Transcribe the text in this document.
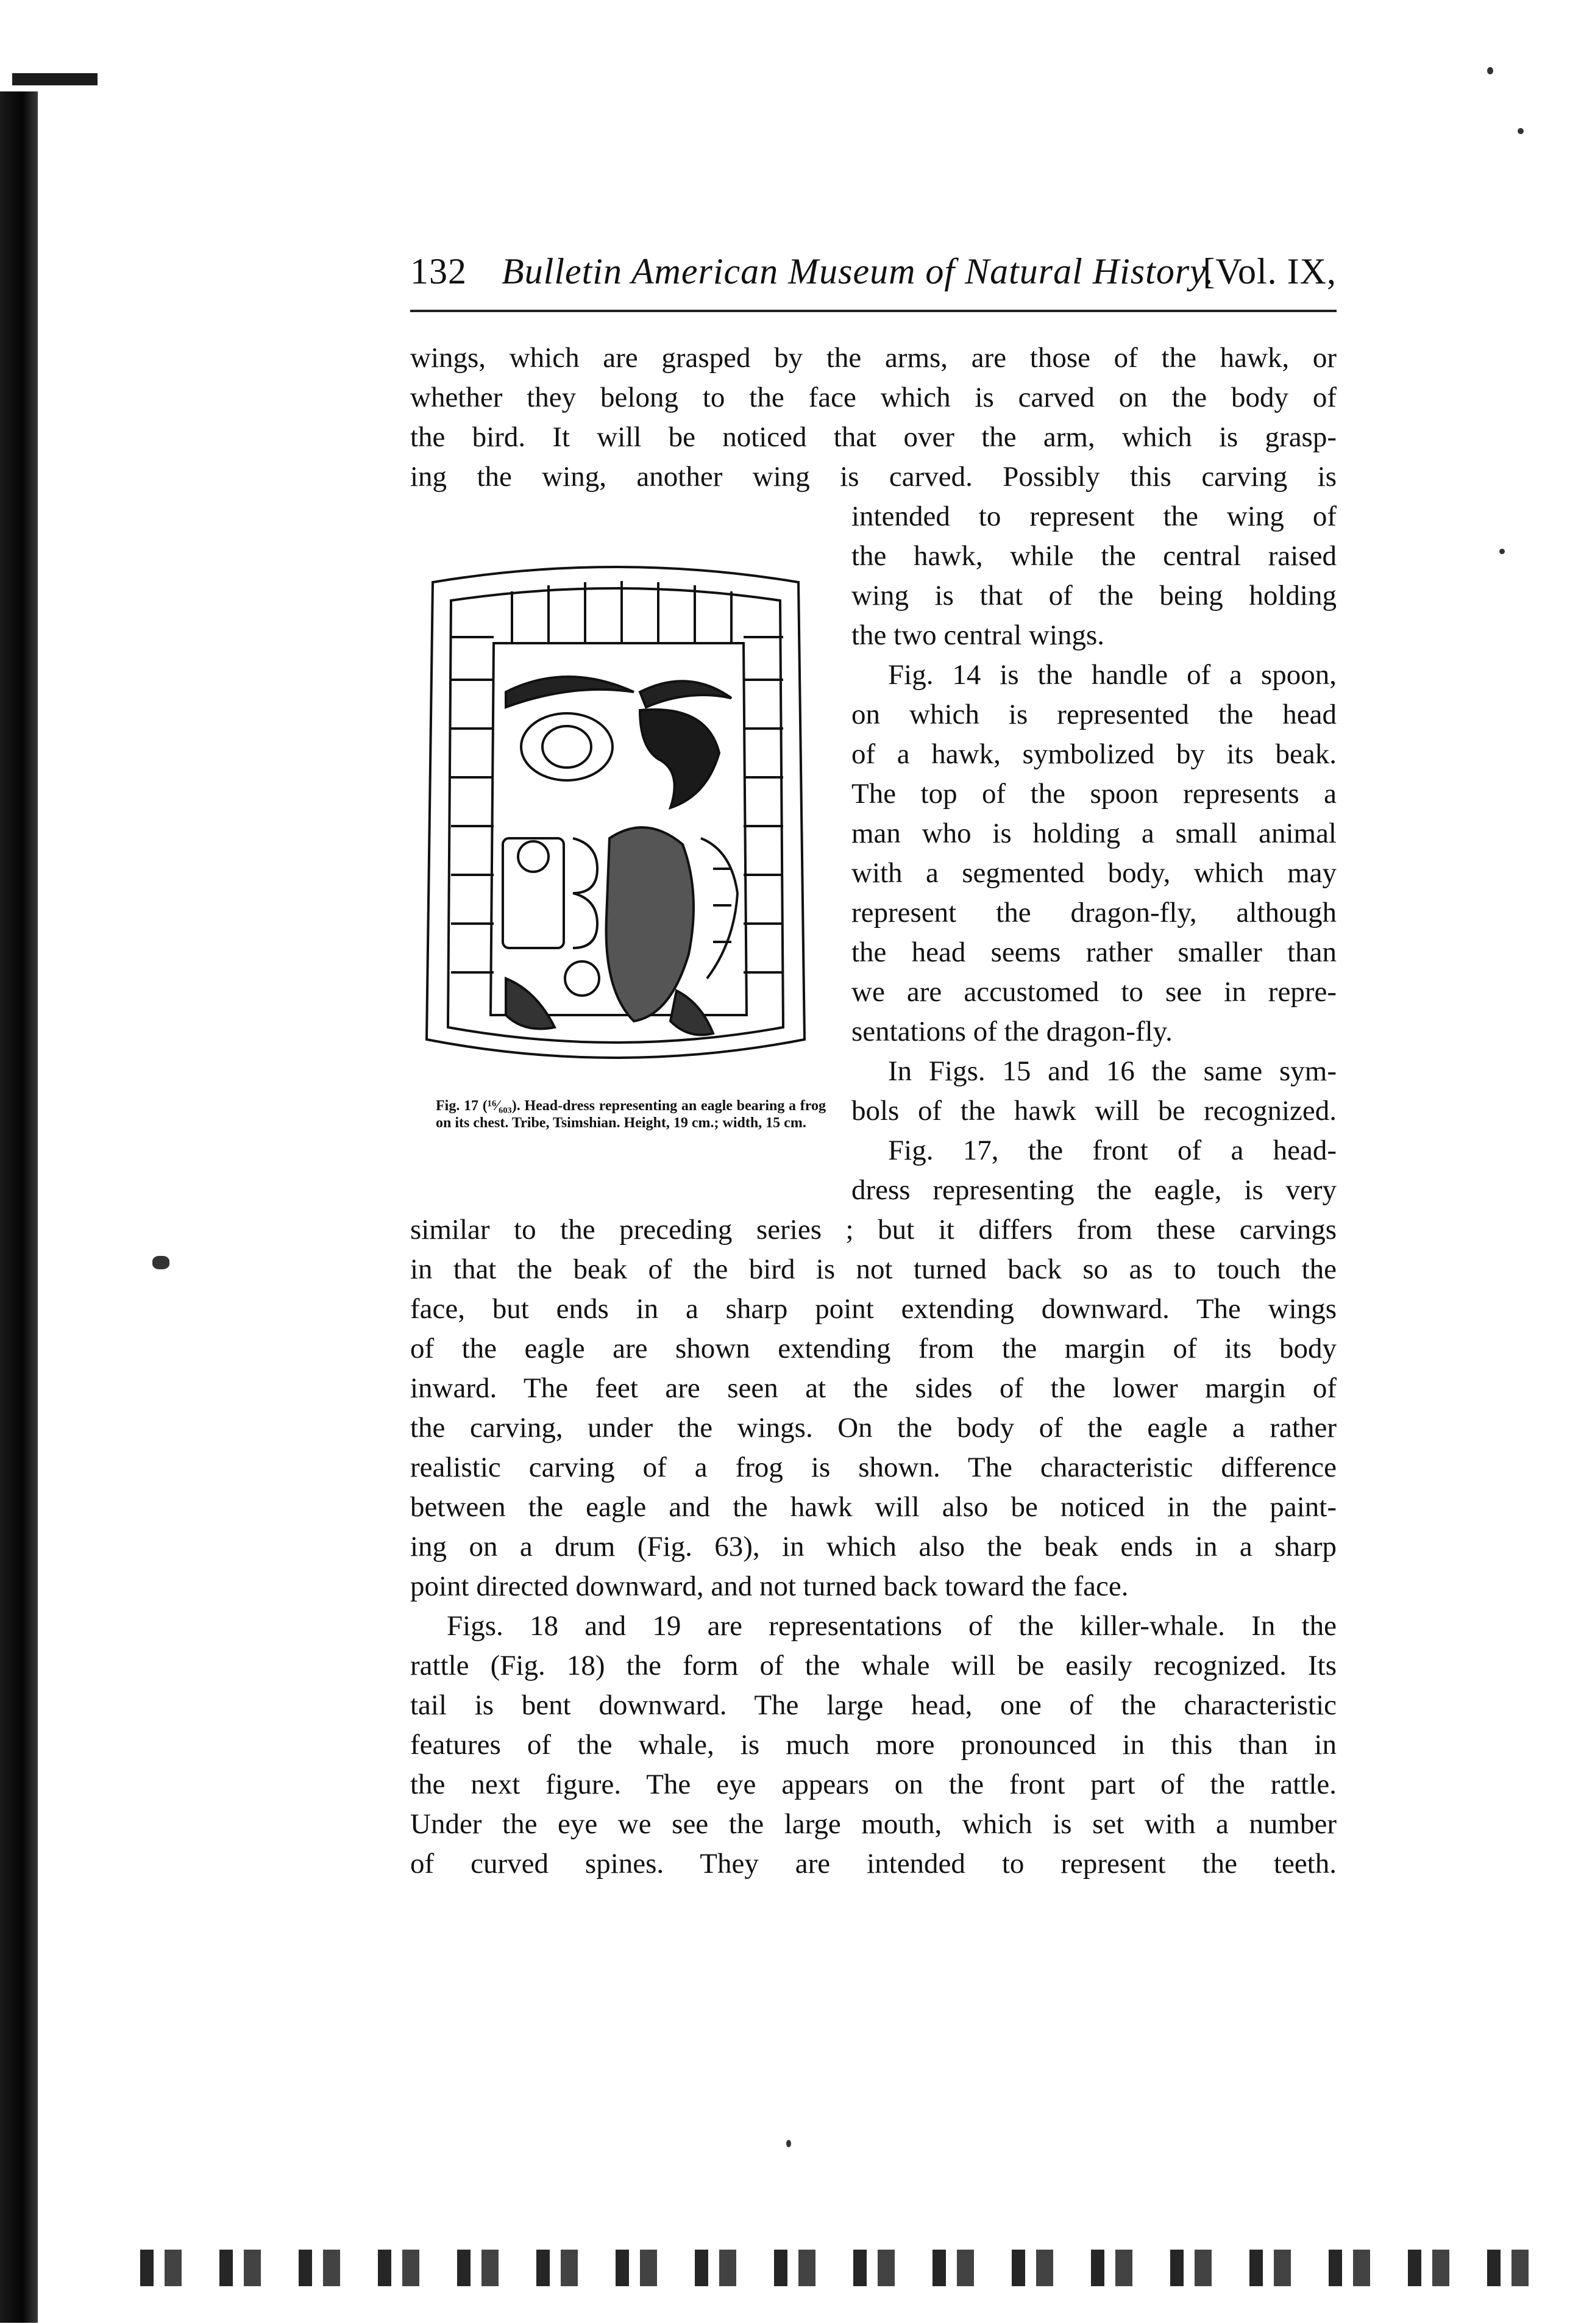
132 Bulletin American Museum of Natural History.
[Vol. IX,
wings, which are grasped by the arms, are those of the hawk, or
whether they belong to the face which is carved on the body of
the bird. It will be noticed that over the arm, which is grasp-
ing the wing, another wing is carved. Possibly this carving is
intended to represent the wing of
the hawk, while the central raised
wing is that of the being holding
the two central wings.
Fig. 14 is the handle of a spoon,
on which is represented the head
of a hawk, symbolized by its beak.
The top of the spoon represents a
man who is holding a small animal
with a segmented body, which may
represent the dragon-fly, although
the head seems rather smaller than
we are accustomed to see in repre-
sentations of the dragon-fly.
In Figs. 15 and 16 the same sym-
bols of the hawk will be recognized.
Fig. 17, the front of a head-
dress representing the eagle, is very
Fig. 17 (¹⁶⁄₆₀₃). Head-dress representing an eagle bearing a frog on its chest. Tribe, Tsimshian. Height, 19 cm.; width, 15 cm.
similar to the preceding series ; but it differs from these carvings
in that the beak of the bird is not turned back so as to touch the
face, but ends in a sharp point extending downward. The wings
of the eagle are shown extending from the margin of its body
inward. The feet are seen at the sides of the lower margin of
the carving, under the wings. On the body of the eagle a rather
realistic carving of a frog is shown. The characteristic difference
between the eagle and the hawk will also be noticed in the paint-
ing on a drum (Fig. 63), in which also the beak ends in a sharp
point directed downward, and not turned back toward the face.
Figs. 18 and 19 are representations of the killer-whale. In the
rattle (Fig. 18) the form of the whale will be easily recognized. Its
tail is bent downward. The large head, one of the characteristic
features of the whale, is much more pronounced in this than in
the next figure. The eye appears on the front part of the rattle.
Under the eye we see the large mouth, which is set with a number
of curved spines. They are intended to represent the teeth.
